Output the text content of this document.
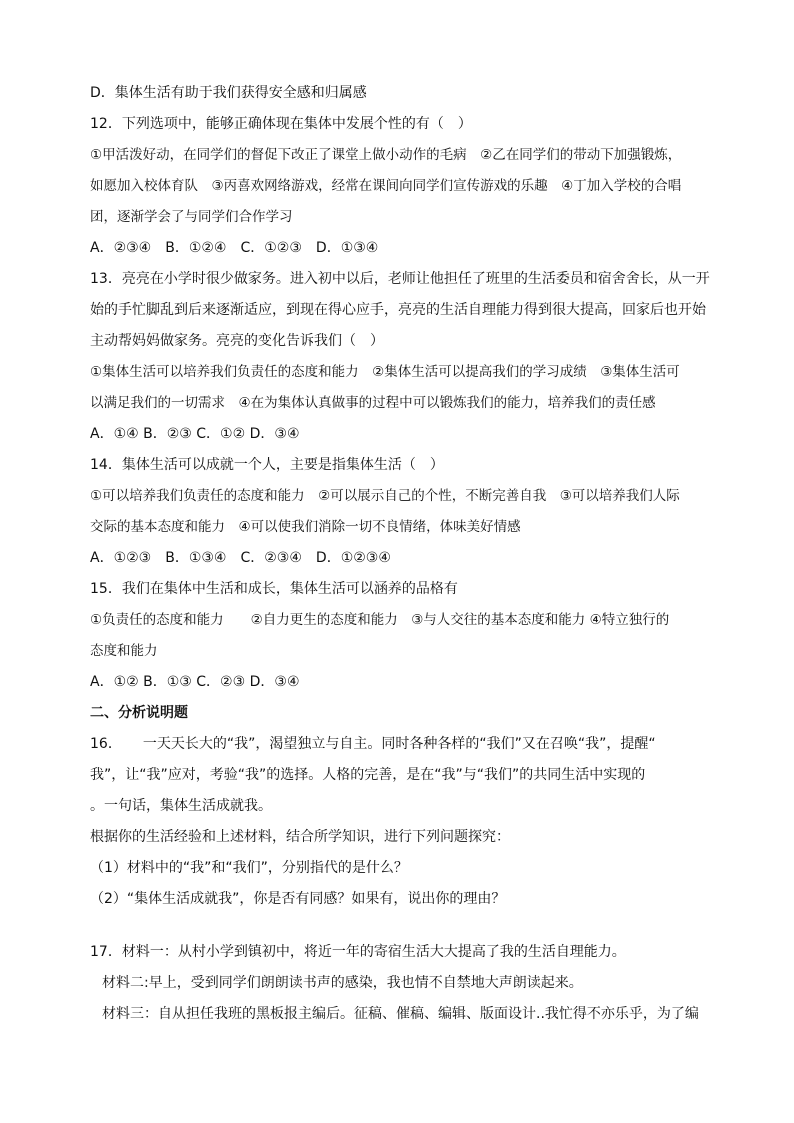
D．集体生活有助于我们获得安全感和归属感

12．下列选项中，能够正确体现在集体中发展个性的有（　）

①甲活泼好动，在同学们的督促下改正了课堂上做小动作的毛病　②乙在同学们的带动下加强锻炼，

如愿加入校体育队　③丙喜欢网络游戏，经常在课间向同学们宣传游戏的乐趣　④丁加入学校的合唱

团，逐渐学会了与同学们合作学习

A．②③④　B．①②④　C．①②③　D．①③④

13．亮亮在小学时很少做家务。进入初中以后，老师让他担任了班里的生活委员和宿舍舍长，从一开

始的手忙脚乱到后来逐渐适应，到现在得心应手，亮亮的生活自理能力得到很大提高，回家后也开始

主动帮妈妈做家务。亮亮的变化告诉我们（　）

①集体生活可以培养我们负责任的态度和能力　②集体生活可以提高我们的学习成绩　③集体生活可

以满足我们的一切需求　④在为集体认真做事的过程中可以锻炼我们的能力，培养我们的责任感

A．①④ B．②③ C．①② D．③④

14．集体生活可以成就一个人，主要是指集体生活（　）

①可以培养我们负责任的态度和能力　②可以展示自己的个性，不断完善自我　③可以培养我们人际

交际的基本态度和能力　④可以使我们消除一切不良情绪，体味美好情感

A．①②③　B．①③④　C．②③④　D．①②③④

15．我们在集体中生活和成长，集体生活可以涵养的品格有

①负责任的态度和能力　　②自力更生的态度和能力　③与人交往的基本态度和能力 ④特立独行的

态度和能力

A．①② B．①③ C．②③ D．③④

二、分析说明题

16．　　一天天长大的“我”，渴望独立与自主。同时各种各样的“我们”又在召唤“我”，提醒“

我”，让“我”应对，考验“我”的选择。人格的完善，是在“我”与“我们”的共同生活中实现的

。一句话，集体生活成就我。

根据你的生活经验和上述材料，结合所学知识，进行下列问题探究：

（1）材料中的“我”和“我们”，分别指代的是什么？

（2）“集体生活成就我”，你是否有同感？如果有，说出你的理由？

17．材料一：从村小学到镇初中，将近一年的寄宿生活大大提高了我的生活自理能力。

材料二:早上，受到同学们朗朗读书声的感染，我也情不自禁地大声朗读起来。

材料三：自从担任我班的黑板报主编后。征稿、催稿、编辑、版面设计..我忙得不亦乐乎，为了编
